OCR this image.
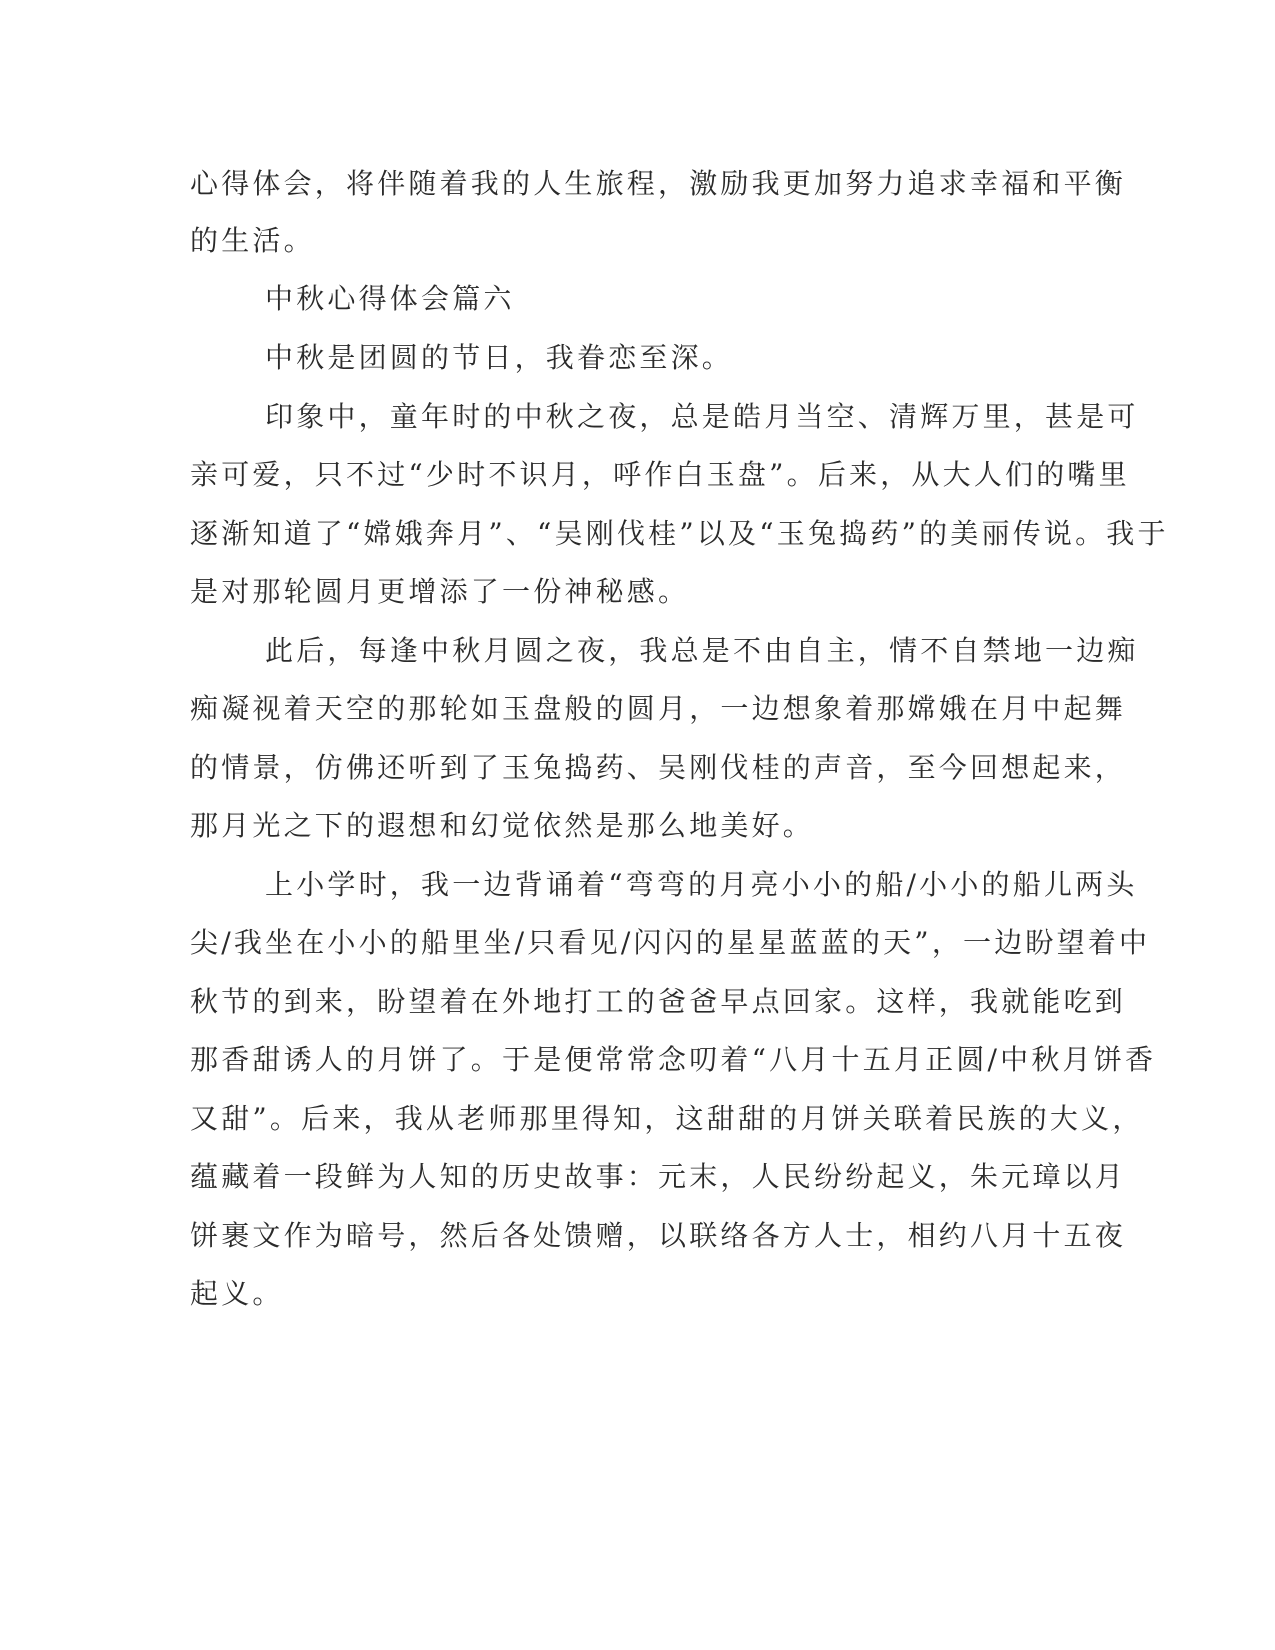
心得体会，将伴随着我的人生旅程，激励我更加努力追求幸福和平衡

的生活。

中秋心得体会篇六

中秋是团圆的节日，我眷恋至深。

印象中，童年时的中秋之夜，总是皓月当空、清辉万里，甚是可

亲可爱，只不过“少时不识月，呼作白玉盘”。后来，从大人们的嘴里

逐渐知道了“嫦娥奔月”、“吴刚伐桂”以及“玉兔捣药”的美丽传说。我于

是对那轮圆月更增添了一份神秘感。

此后，每逢中秋月圆之夜，我总是不由自主，情不自禁地一边痴

痴凝视着天空的那轮如玉盘般的圆月，一边想象着那嫦娥在月中起舞

的情景，仿佛还听到了玉兔捣药、吴刚伐桂的声音，至今回想起来，

那月光之下的遐想和幻觉依然是那么地美好。

上小学时，我一边背诵着“弯弯的月亮小小的船/小小的船儿两头

尖/我坐在小小的船里坐/只看见/闪闪的星星蓝蓝的天”，一边盼望着中

秋节的到来，盼望着在外地打工的爸爸早点回家。这样，我就能吃到

那香甜诱人的月饼了。于是便常常念叨着“八月十五月正圆/中秋月饼香

又甜”。后来，我从老师那里得知，这甜甜的月饼关联着民族的大义，

蕴藏着一段鲜为人知的历史故事：元末，人民纷纷起义，朱元璋以月

饼裹文作为暗号，然后各处馈赠，以联络各方人士，相约八月十五夜

起义。
